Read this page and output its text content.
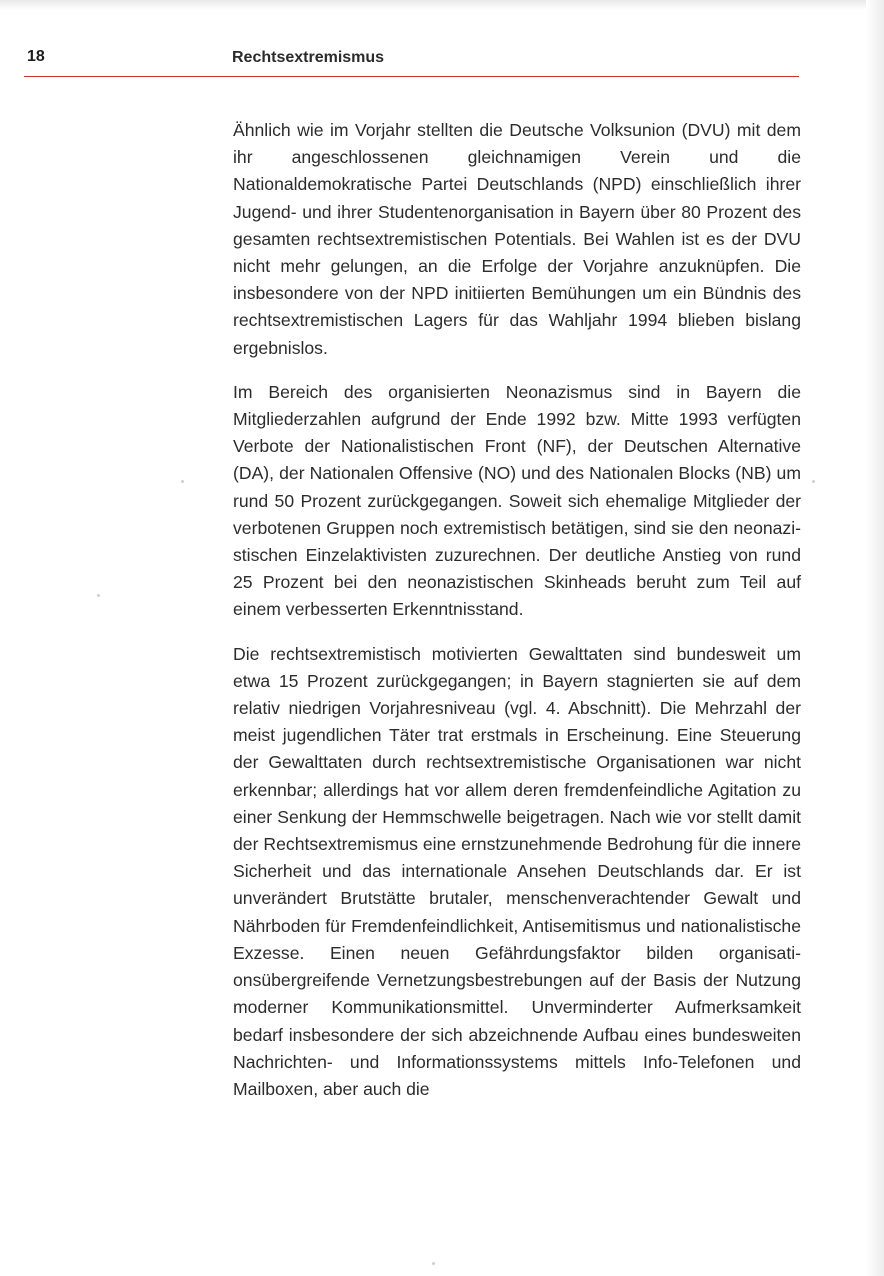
18	Rechtsextremismus

Ähnlich wie im Vorjahr stellten die Deutsche Volksunion (DVU) mit dem ihr angeschlossenen gleichnamigen Verein und die Nationaldemokratische Partei Deutschlands (NPD) einschließlich ihrer Jugend- und ihrer Studentenorganisation in Bayern über 80 Prozent des gesamten rechtsextremistischen Potentials. Bei Wahlen ist es der DVU nicht mehr gelungen, an die Erfolge der Vorjahre anzuknüpfen. Die insbesondere von der NPD initiierten Bemühungen um ein Bündnis des rechtsextremistischen Lagers für das Wahljahr 1994 blieben bislang ergebnislos.

Im Bereich des organisierten Neonazismus sind in Bayern die Mitgliederzahlen aufgrund der Ende 1992 bzw. Mitte 1993 verfügten Verbote der Nationalistischen Front (NF), der Deutschen Alternative (DA), der Nationalen Offensive (NO) und des Nationalen Blocks (NB) um rund 50 Prozent zurückgegangen. Soweit sich ehemalige Mitglieder der verbotenen Gruppen noch extremistisch betätigen, sind sie den neonazistischen Einzelaktivisten zuzurechnen. Der deutliche Anstieg von rund 25 Prozent bei den neonazistischen Skinheads beruht zum Teil auf einem verbesserten Erkenntnisstand.

Die rechtsextremistisch motivierten Gewalttaten sind bundesweit um etwa 15 Prozent zurückgegangen; in Bayern stagnierten sie auf dem relativ niedrigen Vorjahresniveau (vgl. 4. Abschnitt). Die Mehrzahl der meist jugendlichen Täter trat erstmals in Erscheinung. Eine Steuerung der Gewalttaten durch rechtsextremistische Organisationen war nicht erkennbar; allerdings hat vor allem deren fremdenfeindliche Agitation zu einer Senkung der Hemmschwelle beigetragen. Nach wie vor stellt damit der Rechtsextremismus eine ernstzunehmende Bedrohung für die innere Sicherheit und das internationale Ansehen Deutschlands dar. Er ist unverändert Brutstätte brutaler, menschenverachtender Gewalt und Nährboden für Fremdenfeindlichkeit, Antisemitismus und nationalistische Exzesse. Einen neuen Gefährdungsfaktor bilden organisationsübergreifende Vernetzungsbestrebungen auf der Basis der Nutzung moderner Kommunikationsmittel. Unverminderter Aufmerksamkeit bedarf insbesondere der sich abzeichnende Aufbau eines bundesweiten Nachrichten- und Informationssystems mittels Info-Telefonen und Mailboxen, aber auch die
